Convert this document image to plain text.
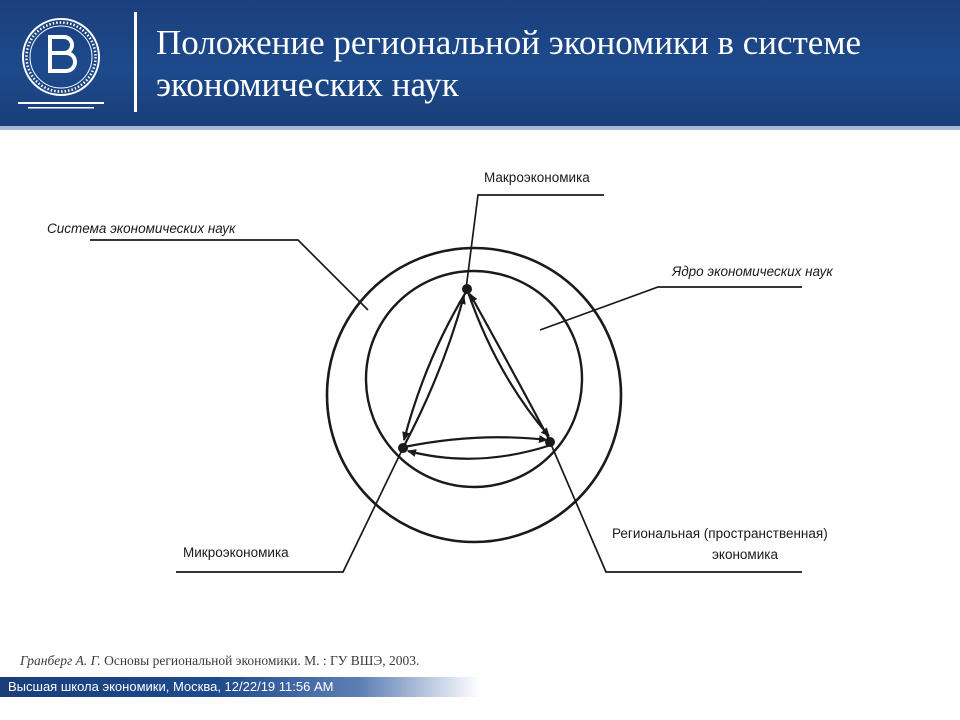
Положение региональной экономики в системе экономических наук
Система экономических наук
Макроэкономика
Ядро экономических наук
Микроэкономика
Региональная (пространственная)
экономика

Гранберг А. Г. Основы региональной экономики. М. : ГУ ВШЭ, 2003.

Высшая школа экономики, Москва, 12/22/19 11:56 AM
